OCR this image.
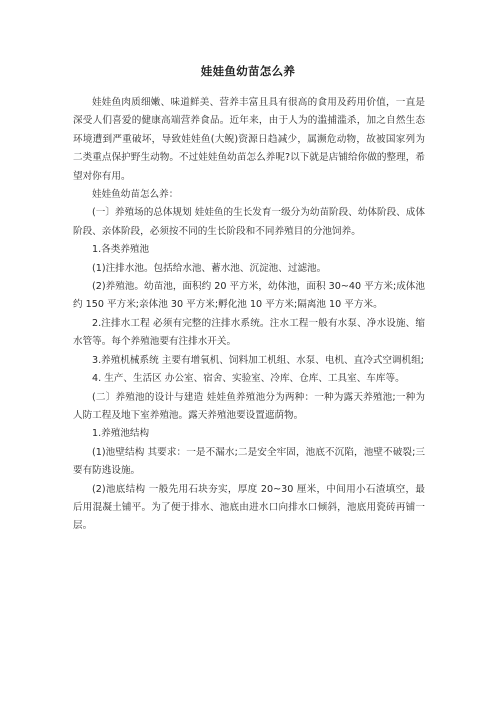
娃娃鱼幼苗怎么养

娃娃鱼肉质细嫩、味道鲜美、营养丰富且具有很高的食用及药用价值，一直是深受人们喜爱的健康高端营养食品。近年来，由于人为的滥捕滥杀，加之自然生态环境遭到严重破坏，导致娃娃鱼(大鲵)资源日趋减少，属濒危动物，故被国家列为二类重点保护野生动物。不过娃娃鱼幼苗怎么养呢?以下就是店铺给你做的整理，希望对你有用。

娃娃鱼幼苗怎么养：

(一〕养殖场的总体规划 娃娃鱼的生长发育一级分为幼苗阶段、幼体阶段、成体阶段、亲体阶段，必须按不同的生长阶段和不同养殖目的分池饲养。

1.各类养殖池

(1)注排水池。包括给水池、蓄水池、沉淀池、过滤池。

(2)养殖池。幼苗池，面积约 20 平方米，幼体池，面积 30~40 平方米;成体池约 150 平方米;亲体池 30 平方米;孵化池 10 平方米;隔离池 10 平方米。

2.注排水工程 必须有完整的注排水系统。注水工程一般有水泵、净水设施、缩水管等。每个养殖池要有注排水开关。

3.养殖机械系统 主要有增氧机、饲料加工机组、水泵、电机、直冷式空调机组;

4. 生产、生活区 办公室、宿舍、实验室、冷库、仓库、工具室、车库等。

(二〕养殖池的设计与建造 娃娃鱼养殖池分为两种：一种为露天养殖池;一种为人防工程及地下室养殖池。露天养殖池要设置遮荫物。

1.养殖池结构

(1)池壁结构 其要求：一是不漏水;二是安全牢固，池底不沉陷，池壁不破裂;三要有防逃设施。

(2)池底结构 一般先用石块夯实，厚度 20~30 厘米，中间用小石渣填空，最后用混凝土铺平。为了便于排水、池底由进水口向排水口倾斜，池底用瓷砖再铺一层。
